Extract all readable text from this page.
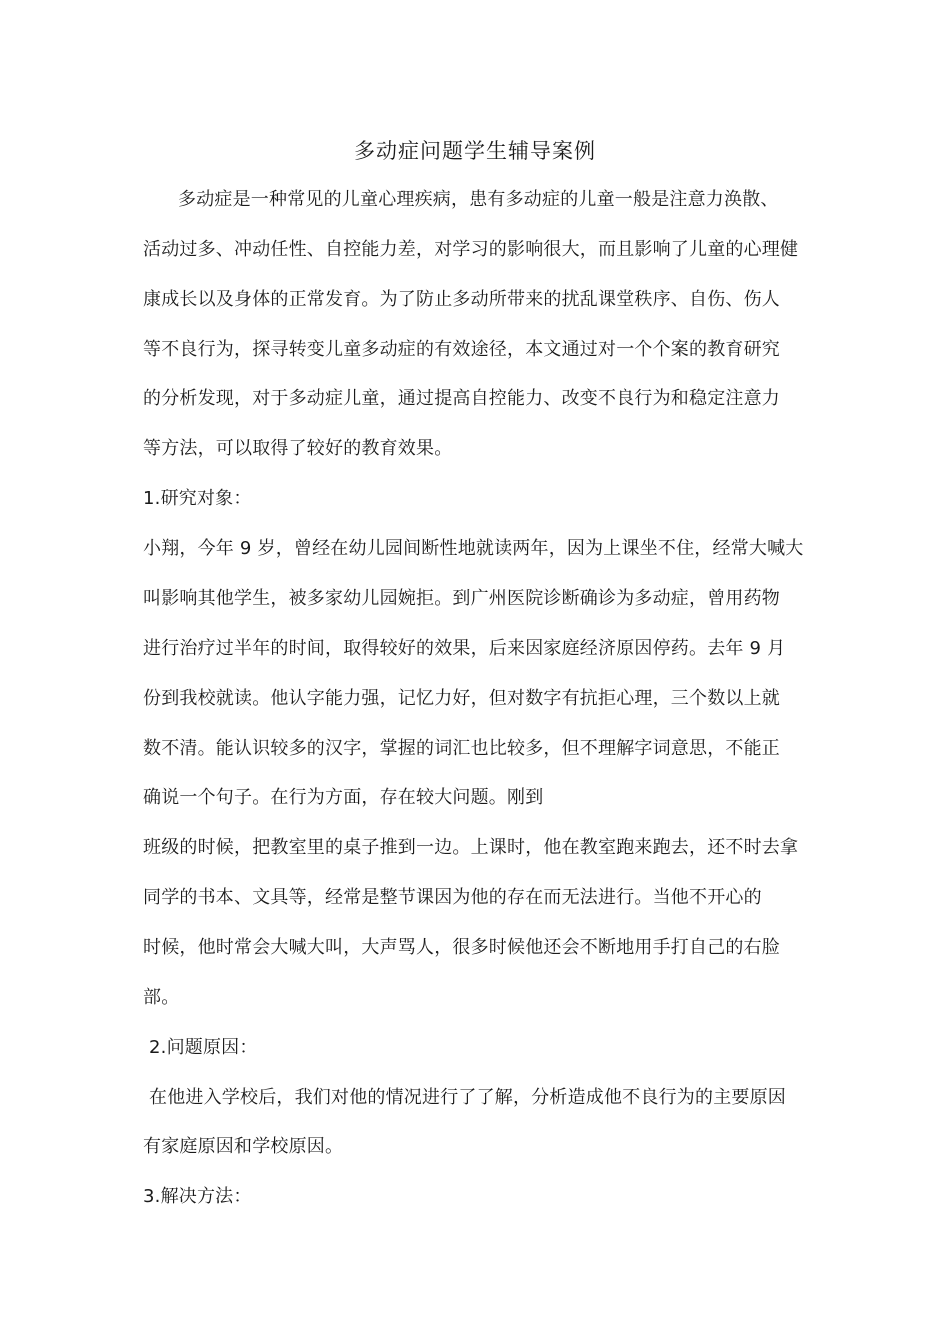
多动症问题学生辅导案例
多动症是一种常见的儿童心理疾病，患有多动症的儿童一般是注意力涣散、
活动过多、冲动任性、自控能力差，对学习的影响很大，而且影响了儿童的心理健
康成长以及身体的正常发育。为了防止多动所带来的扰乱课堂秩序、自伤、伤人
等不良行为，探寻转变儿童多动症的有效途径，本文通过对一个个案的教育研究
的分析发现，对于多动症儿童，通过提高自控能力、改变不良行为和稳定注意力
等方法，可以取得了较好的教育效果。
1.研究对象：
小翔，今年 9 岁，曾经在幼儿园间断性地就读两年，因为上课坐不住，经常大喊大
叫影响其他学生，被多家幼儿园婉拒。到广州医院诊断确诊为多动症，曾用药物
进行治疗过半年的时间，取得较好的效果，后来因家庭经济原因停药。去年 9 月
份到我校就读。他认字能力强，记忆力好，但对数字有抗拒心理，三个数以上就
数不清。能认识较多的汉字，掌握的词汇也比较多，但不理解字词意思，不能正
确说一个句子。在行为方面，存在较大问题。刚到
班级的时候，把教室里的桌子推到一边。上课时，他在教室跑来跑去，还不时去拿
同学的书本、文具等，经常是整节课因为他的存在而无法进行。当他不开心的
时候，他时常会大喊大叫，大声骂人，很多时候他还会不断地用手打自己的右脸
部。
2.问题原因：
在他进入学校后，我们对他的情况进行了了解，分析造成他不良行为的主要原因
有家庭原因和学校原因。
3.解决方法：
